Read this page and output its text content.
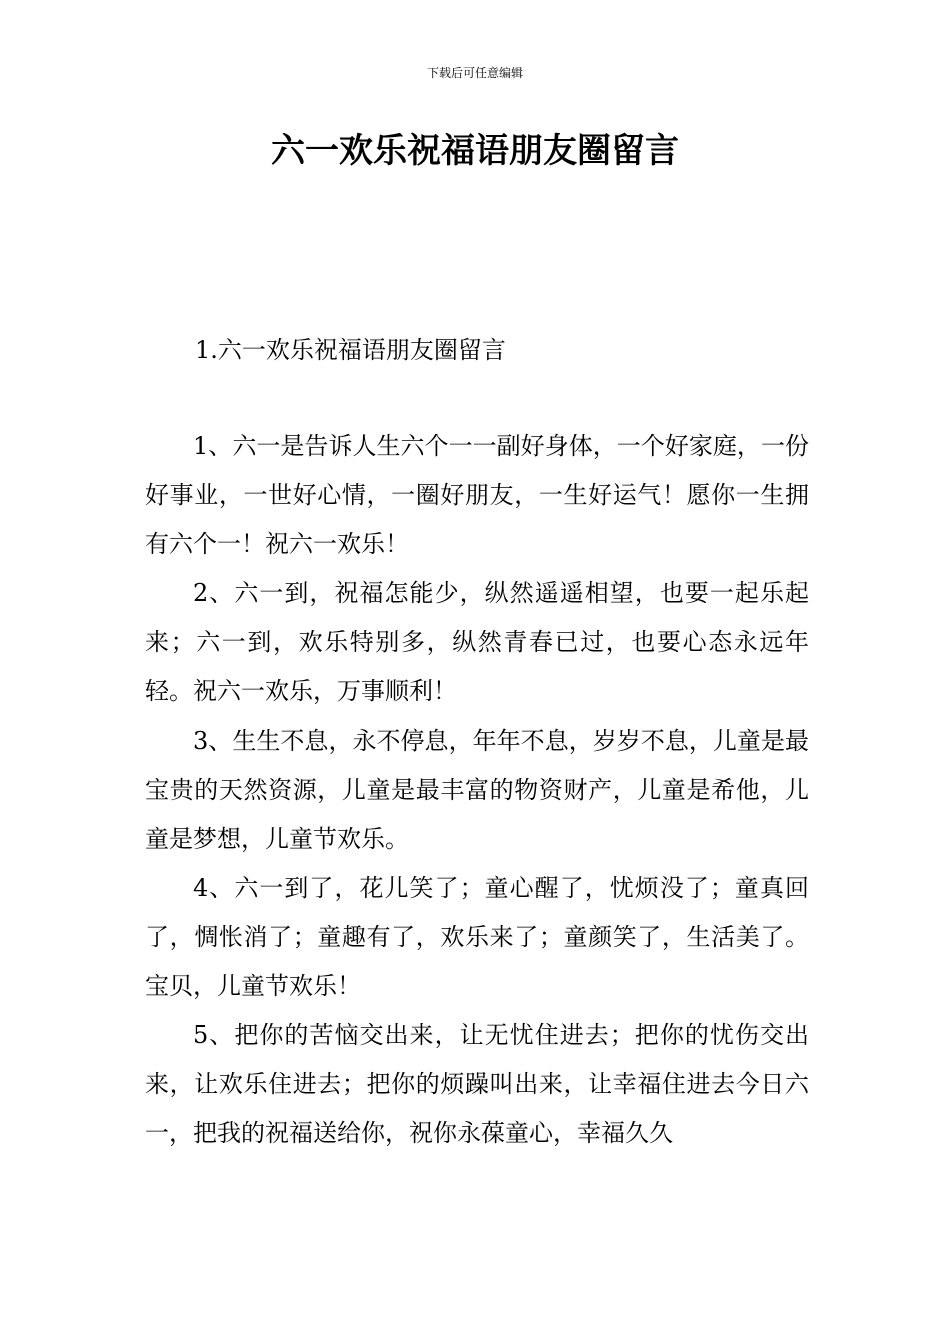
下载后可任意编辑
六一欢乐祝福语朋友圈留言
1.六一欢乐祝福语朋友圈留言

1、六一是告诉人生六个一一副好身体，一个好家庭，一份好事业，一世好心情，一圈好朋友，一生好运气！愿你一生拥有六个一！祝六一欢乐！

2、六一到，祝福怎能少，纵然遥遥相望，也要一起乐起来；六一到，欢乐特别多，纵然青春已过，也要心态永远年轻。祝六一欢乐，万事顺利！

3、生生不息，永不停息，年年不息，岁岁不息，儿童是最宝贵的天然资源，儿童是最丰富的物资财产，儿童是希他，儿童是梦想，儿童节欢乐。

4、六一到了，花儿笑了；童心醒了，忧烦没了；童真回了，惆怅消了；童趣有了，欢乐来了；童颜笑了，生活美了。宝贝，儿童节欢乐！

5、把你的苦恼交出来，让无忧住进去；把你的忧伤交出来，让欢乐住进去；把你的烦躁叫出来，让幸福住进去今日六一，把我的祝福送给你，祝你永葆童心，幸福久久
